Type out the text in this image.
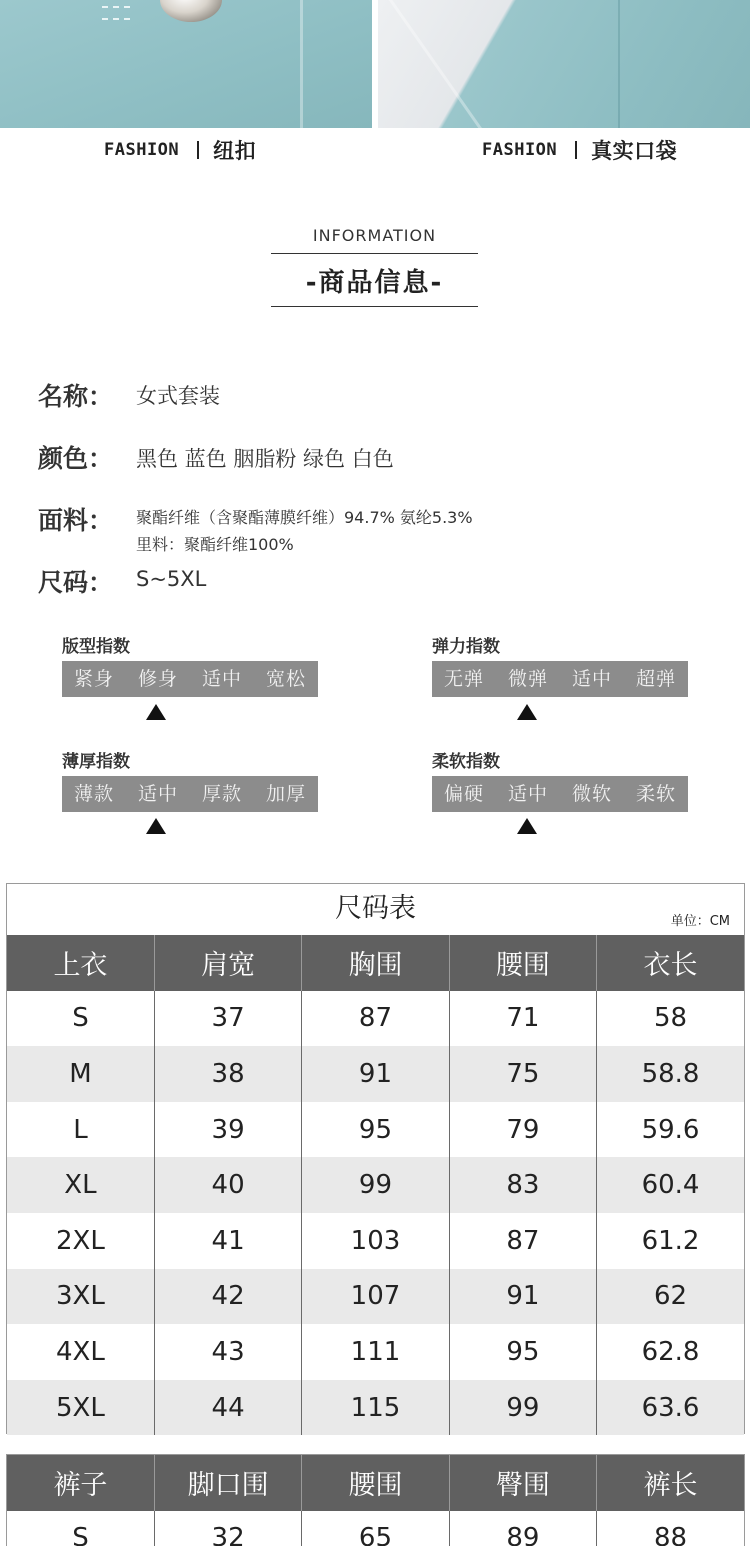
FASHION 纽扣	FASHION 真实口袋
INFORMATION
-商品信息-
名称： 女式套装
颜色： 黑色 蓝色 胭脂粉 绿色 白色
面料： 聚酯纤维（含聚酯薄膜纤维）94.7% 氨纶5.3%
里料：聚酯纤维100%
尺码： S~5XL
版型指数
紧身	修身	适中	宽松
弹力指数
无弹	微弹	适中	超弹
薄厚指数
薄款	适中	厚款	加厚
柔软指数
偏硬	适中	微软	柔软
尺码表	单位：CM
上衣	肩宽	胸围	腰围	衣长
S	37	87	71	58
M	38	91	75	58.8
L	39	95	79	59.6
XL	40	99	83	60.4
2XL	41	103	87	61.2
3XL	42	107	91	62
4XL	43	111	95	62.8
5XL	44	115	99	63.6
裤子	脚口围	腰围	臀围	裤长
S	32	65	89	88
